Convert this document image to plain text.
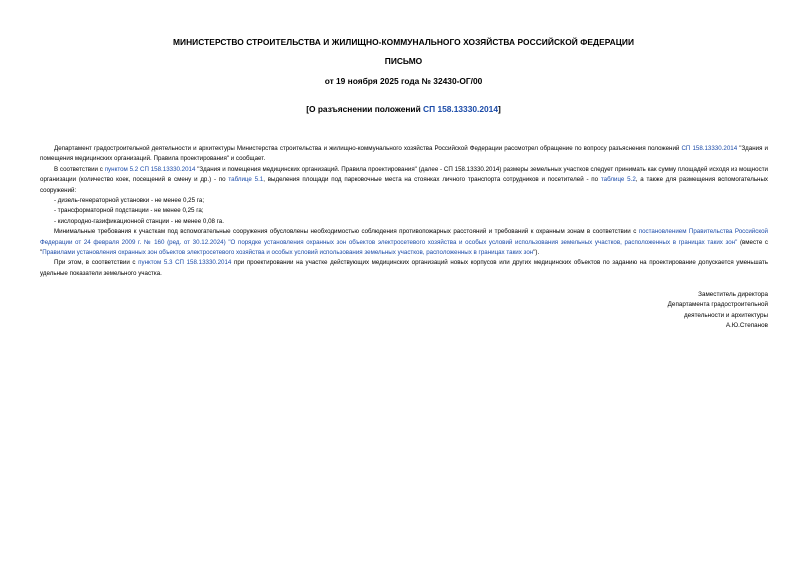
МИНИСТЕРСТВО СТРОИТЕЛЬСТВА И ЖИЛИЩНО-КОММУНАЛЬНОГО ХОЗЯЙСТВА РОССИЙСКОЙ ФЕДЕРАЦИИ
ПИСЬМО
от 19 ноября 2025 года № 32430-ОГ/00
[О разъяснении положений СП 158.13330.2014]

Департамент градостроительной деятельности и архитектуры Министерства строительства и жилищно-коммунального хозяйства Российской Федерации рассмотрел обращение по вопросу разъяснения положений СП 158.13330.2014 "Здания и помещения медицинских организаций. Правила проектирования" и сообщает.

В соответствии с пунктом 5.2 СП 158.13330.2014 "Здания и помещения медицинских организаций. Правила проектирования" (далее - СП 158.13330.2014) размеры земельных участков следует принимать как сумму площадей исходя из мощности организации (количество коек, посещений в смену и др.) - по таблице 5.1, выделения площади под парковочные места на стоянках личного транспорта сотрудников и посетителей - по таблице 5.2, а также для размещения вспомогательных сооружений:

- дизель-генераторной установки - не менее 0,25 га;

- трансформаторной подстанции - не менее 0,25 га;

- кислородно-газификационной станции - не менее 0,08 га.

Минимальные требования к участкам под вспомогательные сооружения обусловлены необходимостью соблюдения противопожарных расстояний и требований к охранным зонам в соответствии с постановлением Правительства Российской Федерации от 24 февраля 2009 г. № 160 (ред. от 30.12.2024) "О порядке установления охранных зон объектов электросетевого хозяйства и особых условий использования земельных участков, расположенных в границах таких зон" (вместе с "Правилами установления охранных зон объектов электросетевого хозяйства и особых условий использования земельных участков, расположенных в границах таких зон").

При этом, в соответствии с пунктом 5.3 СП 158.13330.2014 при проектировании на участке действующих медицинских организаций новых корпусов или других медицинских объектов по заданию на проектирование допускается уменьшать удельные показатели земельного участка.

Заместитель директора
Департамента градостроительной
деятельности и архитектуры
А.Ю.Степанов
